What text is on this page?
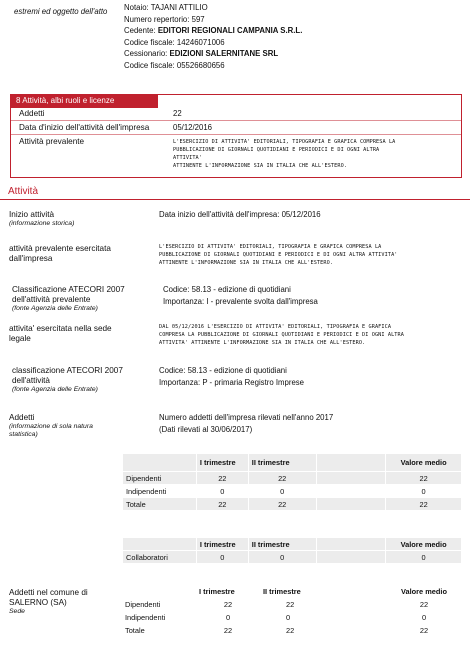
estremi ed oggetto dell'atto Notaio: TAJANI ATTILIO
Numero repertorio: 597
Cedente: EDITORI REGIONALI CAMPANIA S.R.L.
Codice fiscale: 14246071006
Cessionario: EDIZIONI SALERNITANE SRL
Codice fiscale: 05526680656
8 Attività, albi ruoli e licenze
Addetti	22
Data d'inizio dell'attività dell'impresa	05/12/2016
Attività prevalente	L'ESERCIZIO DI ATTIVITA' EDITORIALI, TIPOGRAFIA E GRAFICA COMPRESA LA
PUBBLICAZIONE DI GIORNALI QUOTIDIANI E PERIODICI E DI OGNI ALTRA
ATTIVITA'
ATTINENTE L'INFORMAZIONE SIA IN ITALIA CHE ALL'ESTERO.
Attività
Inizio attività
(informazione storica)
Data inizio dell'attività dell'impresa: 05/12/2016
attività prevalente esercitata
dall'impresa
L'ESERCIZIO DI ATTIVITA' EDITORIALI, TIPOGRAFIA E GRAFICA COMPRESA LA
PUBBLICAZIONE DI GIORNALI QUOTIDIANI E PERIODICI E DI OGNI ALTRA ATTIVITA'
ATTINENTE L'INFORMAZIONE SIA IN ITALIA CHE ALL'ESTERO.
Classificazione ATECORI 2007
dell'attività prevalente
(fonte Agenzia delle Entrate)
Codice: 58.13 - edizione di quotidiani
Importanza: I - prevalente svolta dall'impresa
attivita' esercitata nella sede
legale
DAL 05/12/2016 L'ESERCIZIO DI ATTIVITA' EDITORIALI, TIPOGRAFIA E GRAFICA
COMPRESA LA PUBBLICAZIONE DI GIORNALI QUOTIDIANI E PERIODICI E DI OGNI ALTRA
ATTIVITA' ATTINENTE L'INFORMAZIONE SIA IN ITALIA CHE ALL'ESTERO.
classificazione ATECORI 2007
dell'attività
(fonte Agenzia delle Entrate)
Codice: 58.13 - edizione di quotidiani
Importanza: P - primaria Registro Imprese
Addetti
(informazione di sola natura
statistica)
Numero addetti dell'impresa rilevati nell'anno 2017
(Dati rilevati al 30/06/2017)
	I trimestre	II trimestre		Valore medio
Dipendenti	22	22		22
Indipendenti	0	0		0
Totale	22	22		22
	I trimestre	II trimestre		Valore medio
Collaboratori	0	0		0
Addetti nel comune di
SALERNO (SA)
Sede
	I trimestre	II trimestre	Valore medio
Dipendenti	22	22	22
Indipendenti	0	0	0
Totale	22	22	22
